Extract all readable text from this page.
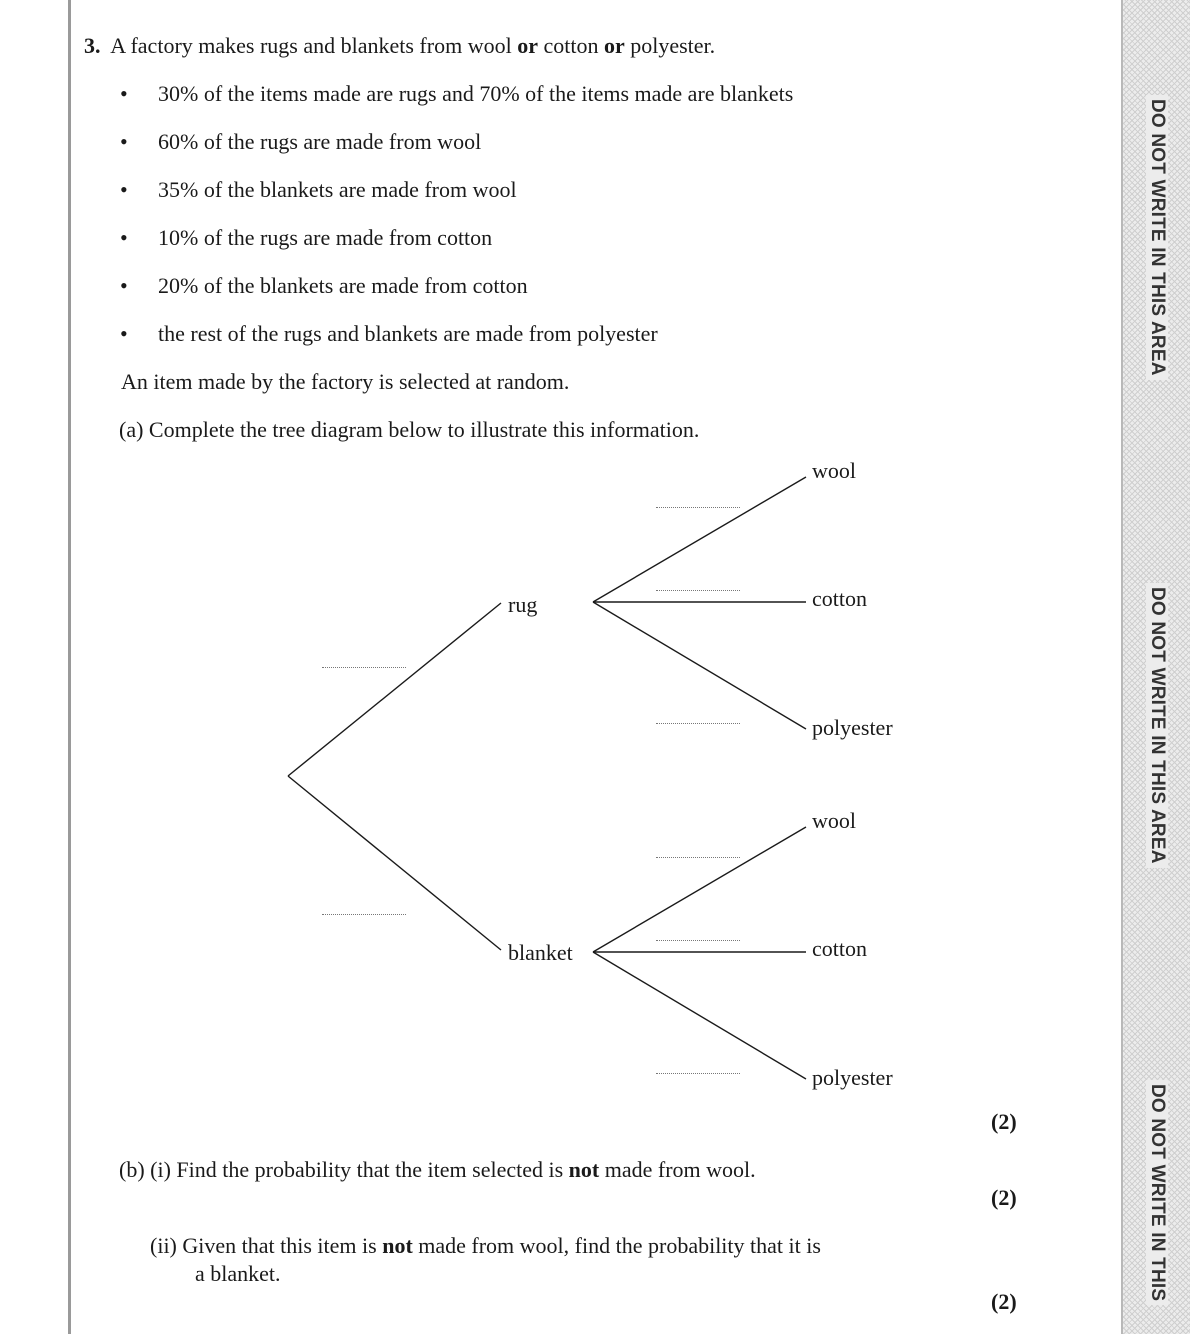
DO NOT WRITE IN THIS AREA
DO NOT WRITE IN THIS AREA
DO NOT WRITE IN THIS
3. A factory makes rugs and blankets from wool or cotton or polyester.
•
30% of the items made are rugs and 70% of the items made are blankets
•
60% of the rugs are made from wool
•
35% of the blankets are made from wool
•
10% of the rugs are made from cotton
•
20% of the blankets are made from cotton
•
the rest of the rugs and blankets are made from polyester
An item made by the factory is selected at random.
(a) Complete the tree diagram below to illustrate this information.
rug
blanket
wool
cotton
polyester
wool
cotton
polyester
(2)
(b) (i) Find the probability that the item selected is not made from wool.
(2)
(ii) Given that this item is not made from wool, find the probability that it is
a blanket.
(2)
